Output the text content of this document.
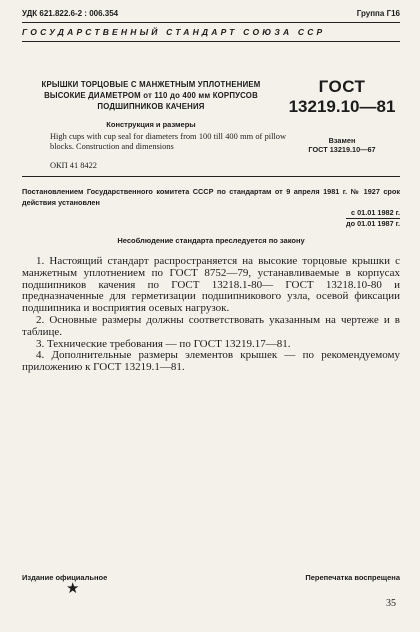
УДК 621.822.6-2 : 006.354	Группа Г16
ГОСУДАРСТВЕННЫЙ СТАНДАРТ СОЮЗА ССР
КРЫШКИ ТОРЦОВЫЕ С МАНЖЕТНЫМ УПЛОТНЕНИЕМ
ВЫСОКИЕ ДИАМЕТРОМ от 110 до 400 мм КОРПУСОВ
ПОДШИПНИКОВ КАЧЕНИЯ
Конструкция и размеры
High cups with cup seal for diameters from 100 till 400 mm of pillow blocks. Construction and dimensions
ОКП 41 8422
ГОСТ
13219.10—81
Взамен
ГОСТ 13219.10—67
Постановлением Государственного комитета СССР по стандартам от 9 апреля 1981 г. № 1927 срок действия установлен
с 01.01 1982 г.
до 01.01 1987 г.
Несоблюдение стандарта преследуется по закону

1. Настоящий стандарт распространяется на высокие торцовые крышки с манжетным уплотнением по ГОСТ 8752—79, устанавливаемые в корпусах подшипников качения по ГОСТ 13218.1-80— ГОСТ 13218.10-80 и предназначенные для герметизации подшипникового узла, осевой фиксации подшипника и восприятия осевых нагрузок.

2. Основные размеры должны соответствовать указанным на чертеже и в таблице.

3. Технические требования — по ГОСТ 13219.17—81.

4. Дополнительные размеры элементов крышек — по рекомендуемому приложению к ГОСТ 13219.1—81.

Издание официальное	Перепечатка воспрещена
★
35
